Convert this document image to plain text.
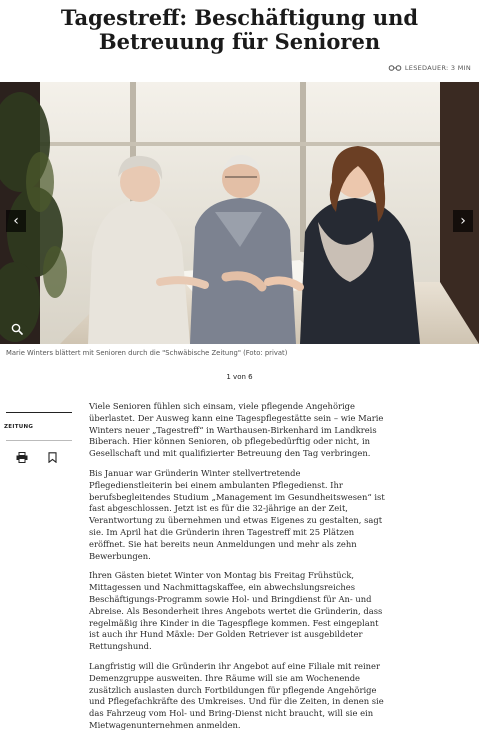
Tagestreff: Beschäftigung und Betreuung für Senioren
LESEDAUER: 3 MIN
‹	›
Marie Winters blättert mit Senioren durch die "Schwäbische Zeitung" (Foto: privat)
1 von 6
ZEITUNG

Viele Senioren fühlen sich einsam, viele pflegende Angehörige überlastet. Der Ausweg kann eine Tagespflegestätte sein – wie Marie Winters neuer „Tagestreff“ in Warthausen-Birkenhard im Landkreis Biberach. Hier können Senioren, ob pflegebedürftig oder nicht, in Gesellschaft und mit qualifizierter Betreuung den Tag verbringen.

Bis Januar war Gründerin Winter stellvertretende Pflegedienstleiterin bei einem ambulanten Pflegedienst. Ihr berufsbegleitendes Studium „Management im Gesundheitswesen“ ist fast abgeschlossen. Jetzt ist es für die 32-jährige an der Zeit, Verantwortung zu übernehmen und etwas Eigenes zu gestalten, sagt sie. Im April hat die Gründerin ihren Tagestreff mit 25 Plätzen eröffnet. Sie hat bereits neun Anmeldungen und mehr als zehn Bewerbungen.

Ihren Gästen bietet Winter von Montag bis Freitag Frühstück, Mittagessen und Nachmittagskaffee, ein abwechslungsreiches Beschäftigungs-Programm sowie Hol- und Bringdienst für An- und Abreise. Als Besonderheit ihres Angebots wertet die Gründerin, dass regelmäßig ihre Kinder in die Tagespflege kommen. Fest eingeplant ist auch ihr Hund Mäxle: Der Golden Retriever ist ausgebildeter Rettungshund.

Langfristig will die Gründerin ihr Angebot auf eine Filiale mit reiner Demenzgruppe ausweiten. Ihre Räume will sie am Wochenende zusätzlich auslasten durch Fortbildungen für pflegende Angehörige und Pflegefachkräfte des Umkreises. Und für die Zeiten, in denen sie das Fahrzeug vom Hol- und Bring-Dienst nicht braucht, will sie ein Mietwagenunternehmen anmelden.
